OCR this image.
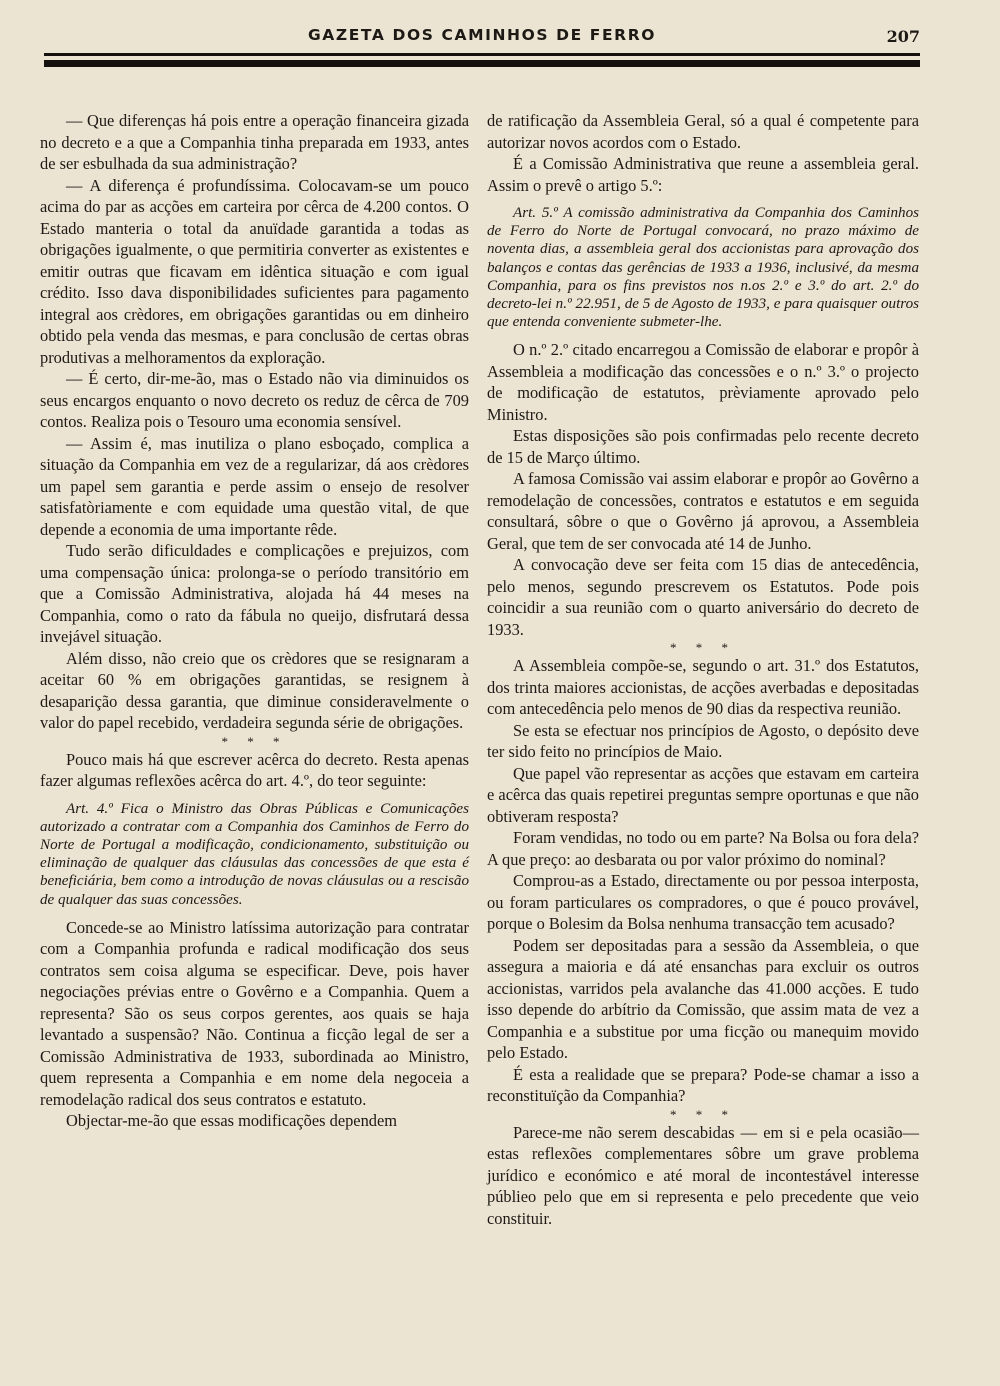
GAZETA DOS CAMINHOS DE FERRO	207

— Que diferenças há pois entre a operação financeira gizada no decreto e a que a Companhia tinha preparada em 1933, antes de ser esbulhada da sua administração?

— A diferença é profundíssima. Colocavam-se um pouco acima do par as acções em carteira por cêrca de 4.200 contos. O Estado manteria o total da anuïdade garantida a todas as obrigações igualmente, o que permitiria converter as existentes e emitir outras que ficavam em idêntica situação e com igual crédito. Isso dava disponibilidades suficientes para pagamento integral aos crèdores, em obrigações garantidas ou em dinheiro obtido pela venda das mesmas, e para conclusão de certas obras produtivas a melhoramentos da exploração.

— É certo, dir-me-ão, mas o Estado não via diminuidos os seus encargos enquanto o novo decreto os reduz de cêrca de 709 contos. Realiza pois o Tesouro uma economia sensível.

— Assim é, mas inutiliza o plano esboçado, complica a situação da Companhia em vez de a regularizar, dá aos crèdores um papel sem garantia e perde assim o ensejo de resolver satisfatòriamente e com equidade uma questão vital, de que depende a economia de uma importante rêde.

Tudo serão dificuldades e complicações e prejuizos, com uma compensação única: prolonga-se o período transitório em que a Comissão Administrativa, alojada há 44 meses na Companhia, como o rato da fábula no queijo, disfrutará dessa invejável situação.

Além disso, não creio que os crèdores que se resignaram a aceitar 60 % em obrigações garantidas, se resignem à desaparição dessa garantia, que diminue consideravelmente o valor do papel recebido, verdadeira segunda série de obrigações.

* * *

Pouco mais há que escrever acêrca do decreto. Resta apenas fazer algumas reflexões acêrca do art. 4.º, do teor seguinte:

Art. 4.º Fica o Ministro das Obras Públicas e Comunicações autorizado a contratar com a Companhia dos Caminhos de Ferro do Norte de Portugal a modificação, condicionamento, substituição ou eliminação de qualquer das cláusulas das concessões de que esta é beneficiária, bem como a introdução de novas cláusulas ou a rescisão de qualquer das suas concessões.

Concede-se ao Ministro latíssima autorização para contratar com a Companhia profunda e radical modificação dos seus contratos sem coisa alguma se especificar. Deve, pois haver negociações prévias entre o Govêrno e a Companhia. Quem a representa? São os seus corpos gerentes, aos quais se haja levantado a suspensão? Não. Continua a ficção legal de ser a Comissão Administrativa de 1933, subordinada ao Ministro, quem representa a Companhia e em nome dela negoceia a remodelação radical dos seus contratos e estatuto.

Objectar-me-ão que essas modificações dependem

de ratificação da Assembleia Geral, só a qual é competente para autorizar novos acordos com o Estado.

É a Comissão Administrativa que reune a assembleia geral. Assim o prevê o artigo 5.º:

Art. 5.º A comissão administrativa da Companhia dos Caminhos de Ferro do Norte de Portugal convocará, no prazo máximo de noventa dias, a assembleia geral dos accionistas para aprovação dos balanços e contas das gerências de 1933 a 1936, inclusivé, da mesma Companhia, para os fins previstos nos n.os 2.º e 3.º do art. 2.º do decreto-lei n.º 22.951, de 5 de Agosto de 1933, e para quaisquer outros que entenda conveniente submeter-lhe.

O n.º 2.º citado encarregou a Comissão de elaborar e propôr à Assembleia a modificação das concessões e o n.º 3.º o projecto de modificação de estatutos, prèviamente aprovado pelo Ministro.

Estas disposições são pois confirmadas pelo recente decreto de 15 de Março último.

A famosa Comissão vai assim elaborar e propôr ao Govêrno a remodelação de concessões, contratos e estatutos e em seguida consultará, sôbre o que o Govêrno já aprovou, a Assembleia Geral, que tem de ser convocada até 14 de Junho.

A convocação deve ser feita com 15 dias de antecedência, pelo menos, segundo prescrevem os Estatutos. Pode pois coincidir a sua reunião com o quarto aniversário do decreto de 1933.

* * *

A Assembleia compõe-se, segundo o art. 31.º dos Estatutos, dos trinta maiores accionistas, de acções averbadas e depositadas com antecedência pelo menos de 90 dias da respectiva reunião.

Se esta se efectuar nos princípios de Agosto, o depósito deve ter sido feito no princípios de Maio.

Que papel vão representar as acções que estavam em carteira e acêrca das quais repetirei preguntas sempre oportunas e que não obtiveram resposta?

Foram vendidas, no todo ou em parte? Na Bolsa ou fora dela? A que preço: ao desbarata ou por valor próximo do nominal?

Comprou-as a Estado, directamente ou por pessoa interposta, ou foram particulares os compradores, o que é pouco provável, porque o Bolesim da Bolsa nenhuma transacção tem acusado?

Podem ser depositadas para a sessão da Assembleia, o que assegura a maioria e dá até ensanchas para excluir os outros accionistas, varridos pela avalanche das 41.000 acções. E tudo isso depende do arbítrio da Comissão, que assim mata de vez a Companhia e a substitue por uma ficção ou manequim movido pelo Estado.

É esta a realidade que se prepara? Pode-se chamar a isso a reconstituïção da Companhia?

* * *

Parece-me não serem descabidas — em si e pela ocasião—estas reflexões complementares sôbre um grave problema jurídico e económico e até moral de incontestável interesse públieo pelo que em si representa e pelo precedente que veio constituir.
